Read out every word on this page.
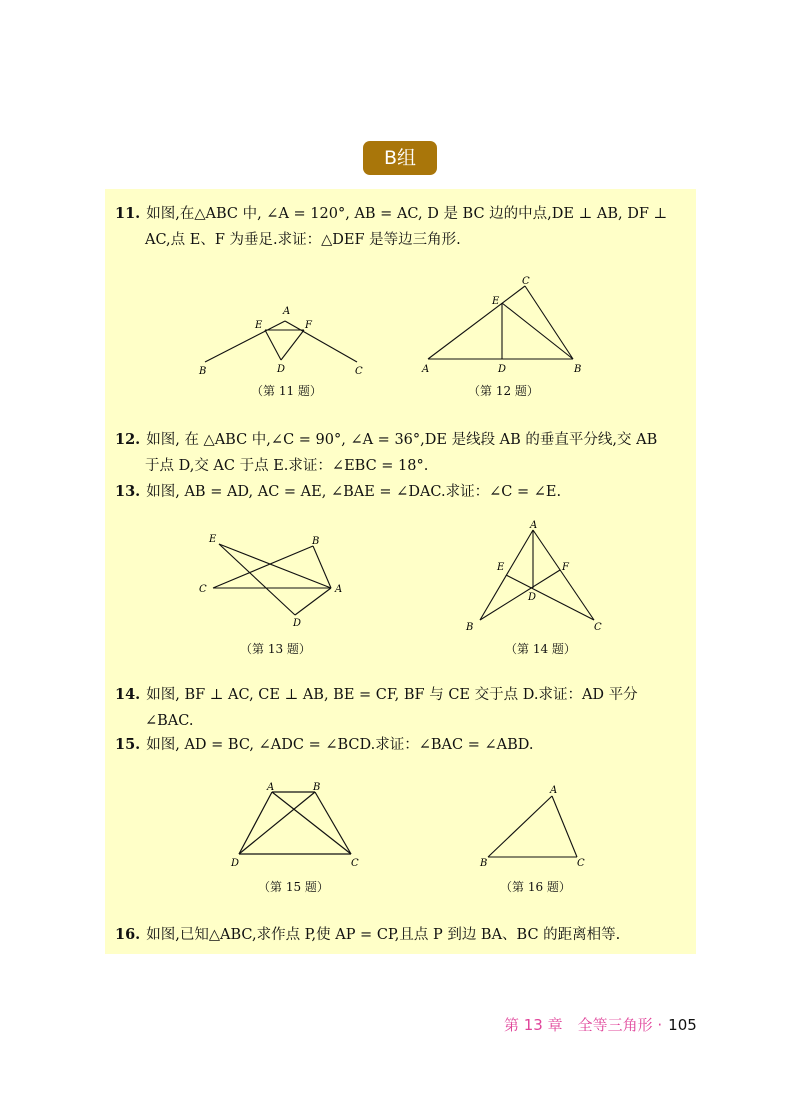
B组
11. 如图,在△ABC 中, ∠A = 120°, AB = AC, D 是 BC 边的中点,DE ⊥ AB, DF ⊥
AC,点 E、F 为垂足.求证：△DEF 是等边三角形.
A
B	C
D
E	F
（第 11 题）
C
A	B
D
E
（第 12 题）
12. 如图, 在 △ABC 中,∠C = 90°, ∠A = 36°,DE 是线段 AB 的垂直平分线,交 AB
于点 D,交 AC 于点 E.求证：∠EBC = 18°.
13. 如图, AB = AD, AC = AE, ∠BAE = ∠DAC.求证：∠C = ∠E.
E	B
C	A
D
（第 13 题）
A
B	C
D
E	F
（第 14 题）
14. 如图, BF ⊥ AC, CE ⊥ AB, BE = CF, BF 与 CE 交于点 D.求证：AD 平分
∠BAC.
15. 如图, AD = BC, ∠ADC = ∠BCD.求证：∠BAC = ∠ABD.
A	B
C
D
（第 15 题）
A
B	C
（第 16 题）
16. 如图,已知△ABC,求作点 P,使 AP = CP,且点 P 到边 BA、BC 的距离相等.
第 13 章　全等三角形 · 105
